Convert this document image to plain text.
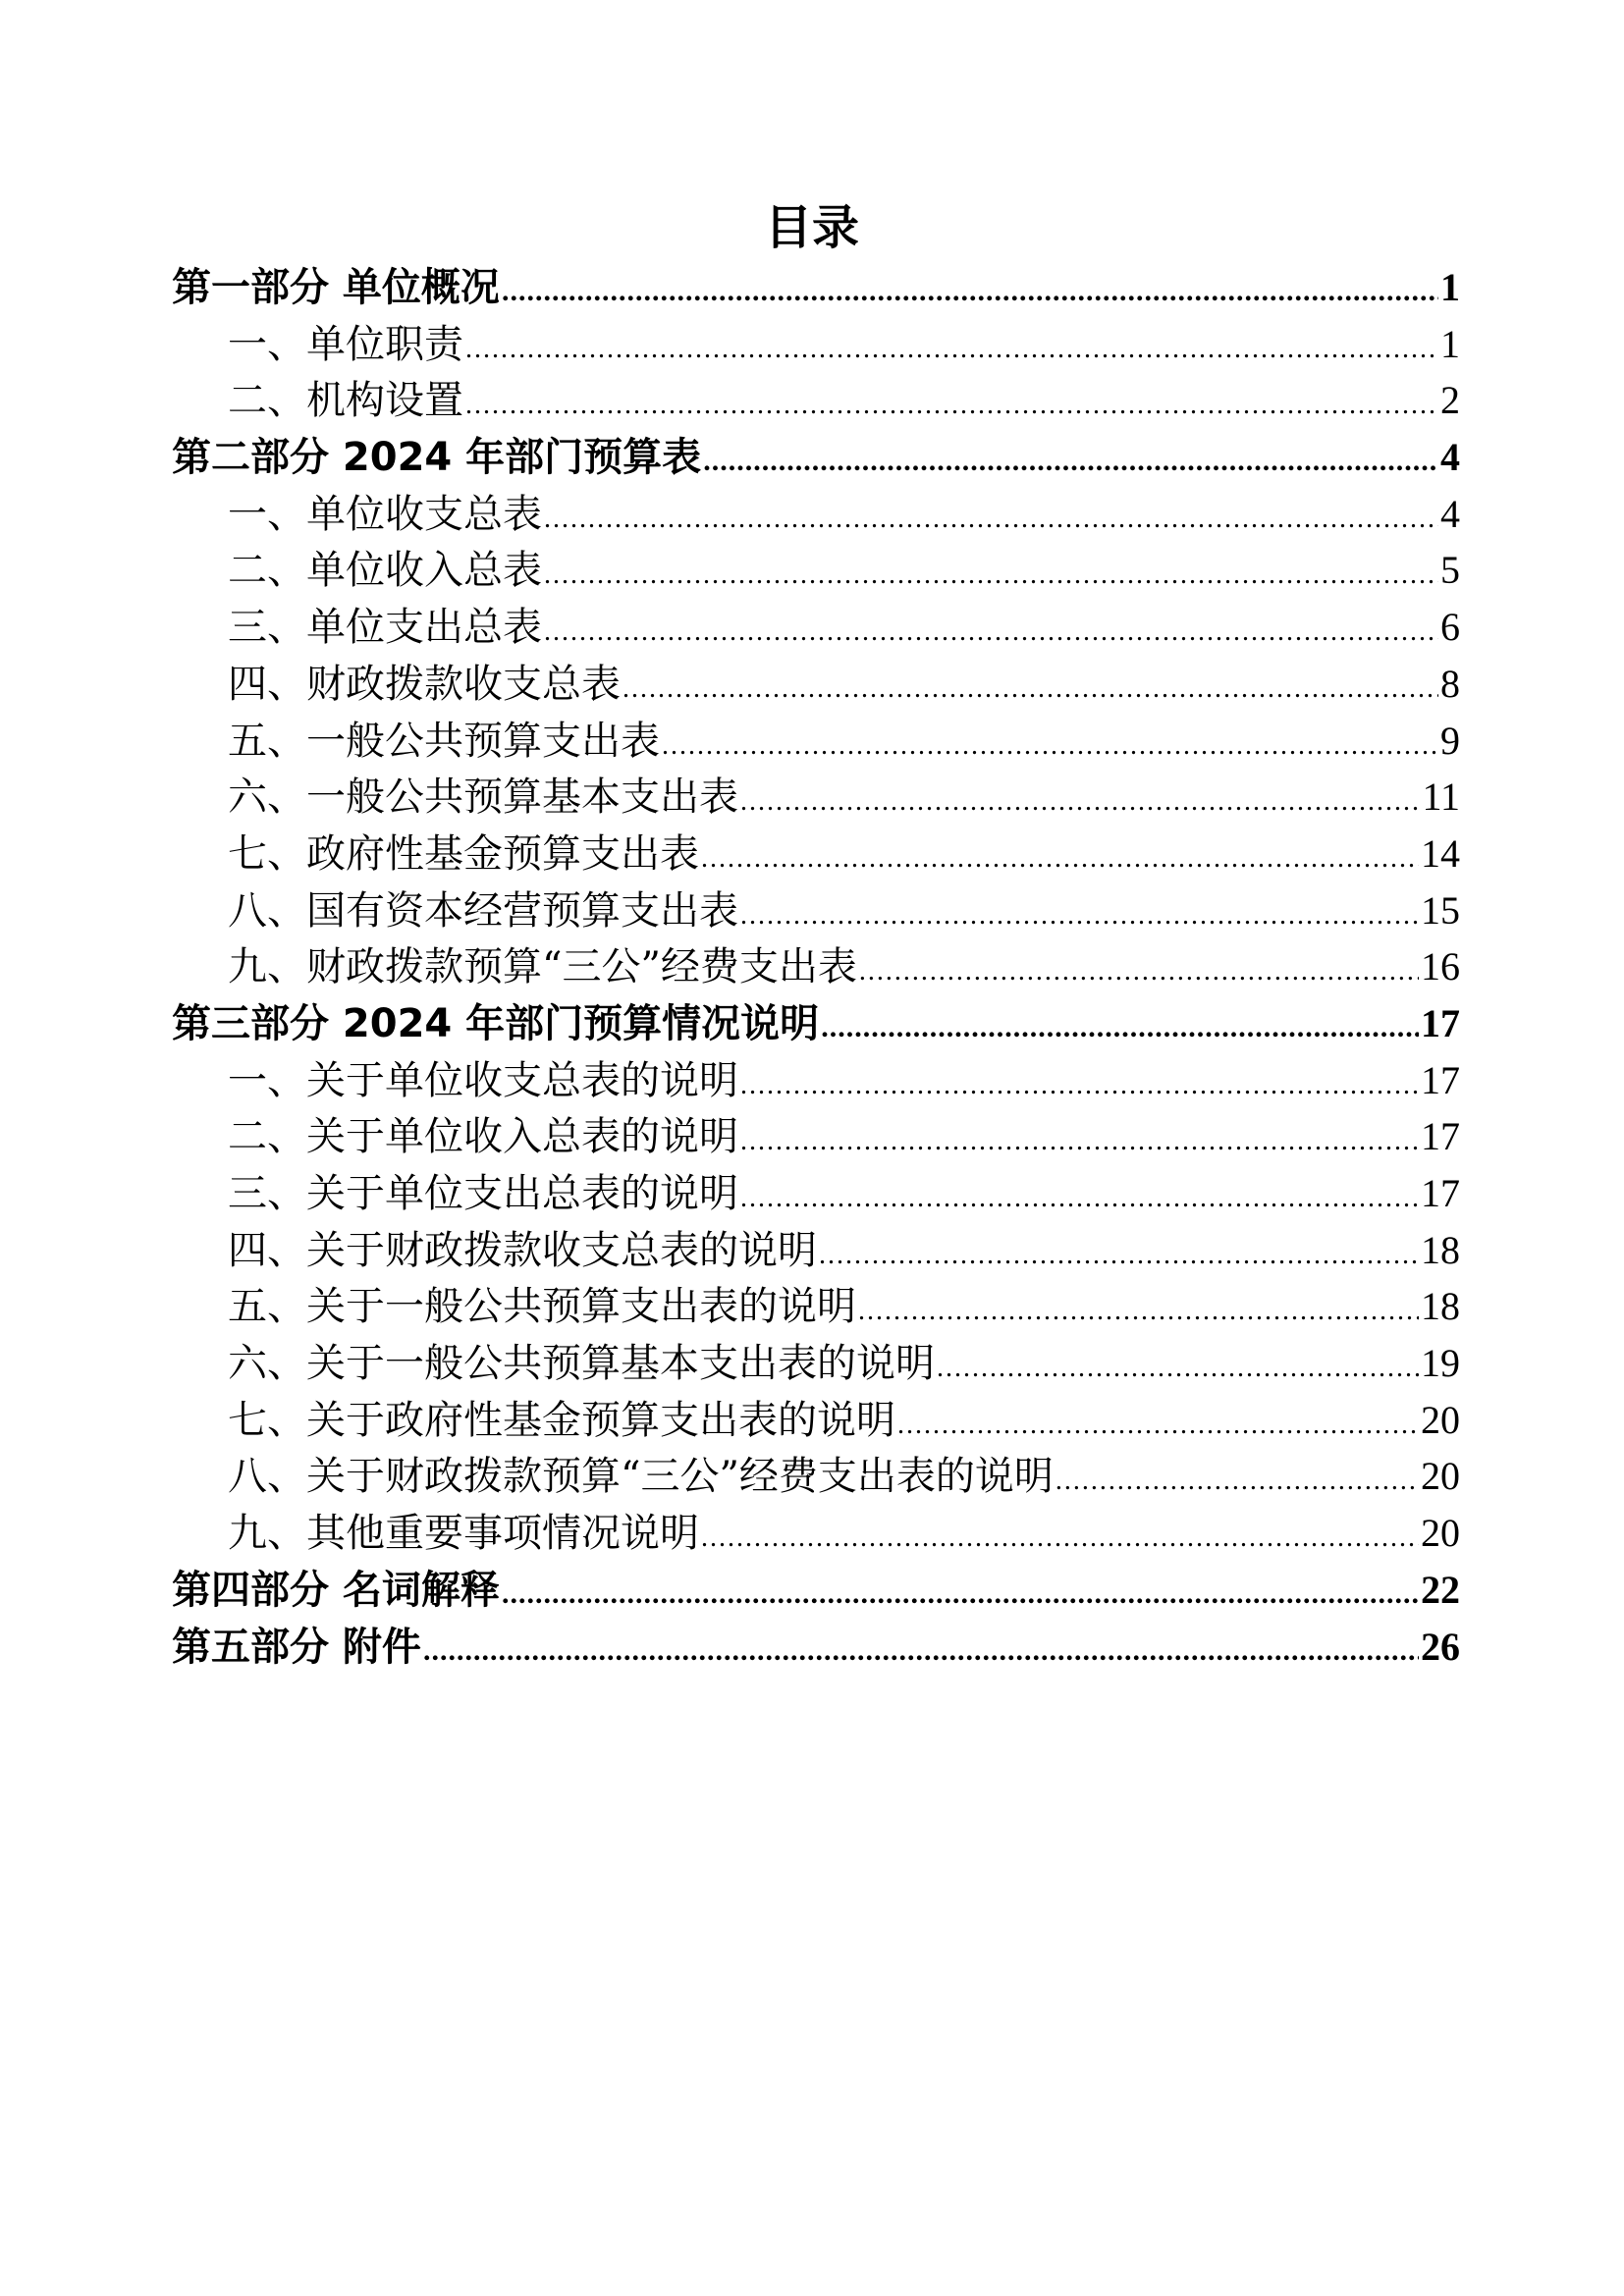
目录
第一部分 单位概况 .....	1
一、单位职责 .....	1
二、机构设置 .....	2
第二部分 2024 年部门预算表 .....	4
一、单位收支总表 .....	4
二、单位收入总表 .....	5
三、单位支出总表 .....	6
四、财政拨款收支总表 .....	8
五、一般公共预算支出表 .....	9
六、一般公共预算基本支出表 .....	11
七、政府性基金预算支出表 .....	14
八、国有资本经营预算支出表 .....	15
九、财政拨款预算“三公”经费支出表 .....	16
第三部分 2024 年部门预算情况说明 .....	17
一、关于单位收支总表的说明 .....	17
二、关于单位收入总表的说明 .....	17
三、关于单位支出总表的说明 .....	17
四、关于财政拨款收支总表的说明 .....	18
五、关于一般公共预算支出表的说明 .....	18
六、关于一般公共预算基本支出表的说明 .....	19
七、关于政府性基金预算支出表的说明 .....	20
八、关于财政拨款预算“三公”经费支出表的说明 .....	20
九、其他重要事项情况说明 .....	20
第四部分 名词解释 .....	22
第五部分 附件 .....	26
